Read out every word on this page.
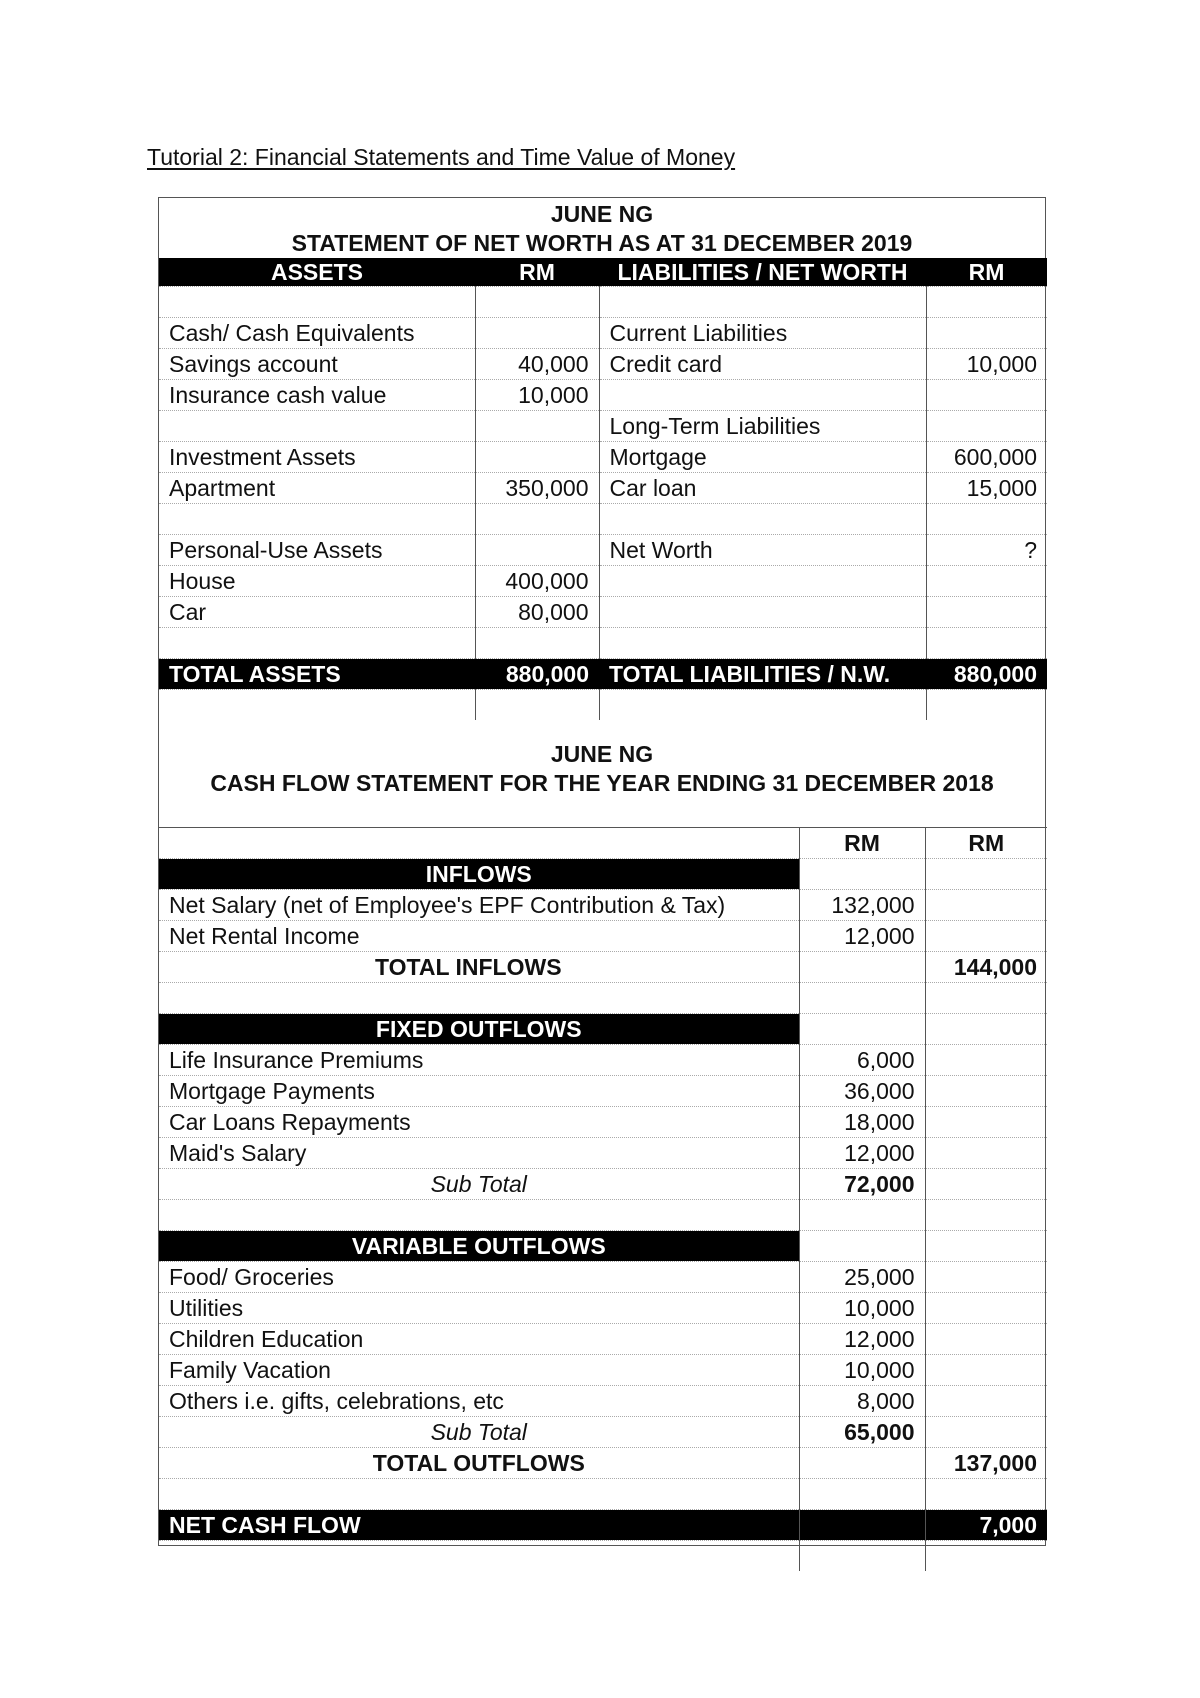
Tutorial 2: Financial Statements and Time Value of Money
JUNE NG
STATEMENT OF NET WORTH AS AT 31 DECEMBER 2019
ASSETS	RM	LIABILITIES / NET WORTH	RM

Cash/ Cash Equivalents		Current Liabilities	
Savings account	40,000	Credit card	10,000
Insurance cash value	10,000		
		Long-Term Liabilities	
Investment Assets		Mortgage	600,000
Apartment	350,000	Car loan	15,000

Personal-Use Assets		Net Worth	?
House	400,000		
Car	80,000		

TOTAL ASSETS	880,000	TOTAL LIABILITIES / N.W.	880,000

JUNE NG
CASH FLOW STATEMENT FOR THE YEAR ENDING 31 DECEMBER 2018
	RM	RM
INFLOWS		
Net Salary (net of Employee's EPF Contribution & Tax)	132,000	
Net Rental Income	12,000	
TOTAL INFLOWS		144,000

FIXED OUTFLOWS		
Life Insurance Premiums	6,000	
Mortgage Payments	36,000	
Car Loans Repayments	18,000	
Maid's Salary	12,000	
Sub Total	72,000	

VARIABLE OUTFLOWS		
Food/ Groceries	25,000	
Utilities	10,000	
Children Education	12,000	
Family Vacation	10,000	
Others i.e. gifts, celebrations, etc	8,000	
Sub Total	65,000	
TOTAL OUTFLOWS		137,000

NET CASH FLOW		7,000
